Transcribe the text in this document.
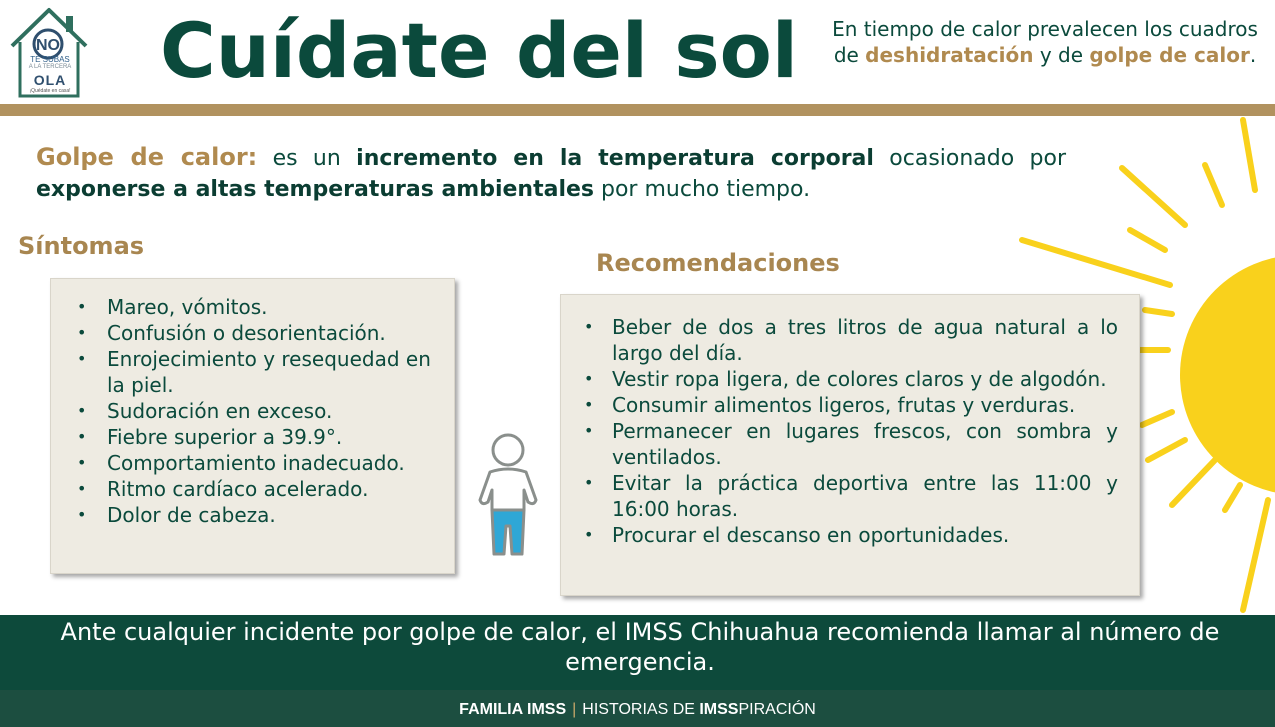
NO
TE SUBAS
A LA TERCERA
OLA
¡Quédate en casa! Cuídate del sol En tiempo de calor prevalecen los cuadros de deshidratación y de golpe de calor.
Golpe de calor: es un incremento en la temperatura corporal ocasionado por exponerse a altas temperaturas ambientales por mucho tiempo.
Síntomas
• Mareo, vómitos.
• Confusión o desorientación.
• Enrojecimiento y resequedad en la piel.
• Sudoración en exceso.
• Fiebre superior a 39.9°.
• Comportamiento inadecuado.
• Ritmo cardíaco acelerado.
• Dolor de cabeza.
Recomendaciones
• Beber de dos a tres litros de agua natural a lo largo del día.
• Vestir ropa ligera, de colores claros y de algodón.
• Consumir alimentos ligeros, frutas y verduras.
• Permanecer en lugares frescos, con sombra y ventilados.
• Evitar la práctica deportiva entre las 11:00 y 16:00 horas.
• Procurar el descanso en oportunidades.
Ante cualquier incidente por golpe de calor, el IMSS Chihuahua recomienda llamar al número de emergencia.
FAMILIA IMSS | HISTORIAS DE IMSSPIRACIÓN
